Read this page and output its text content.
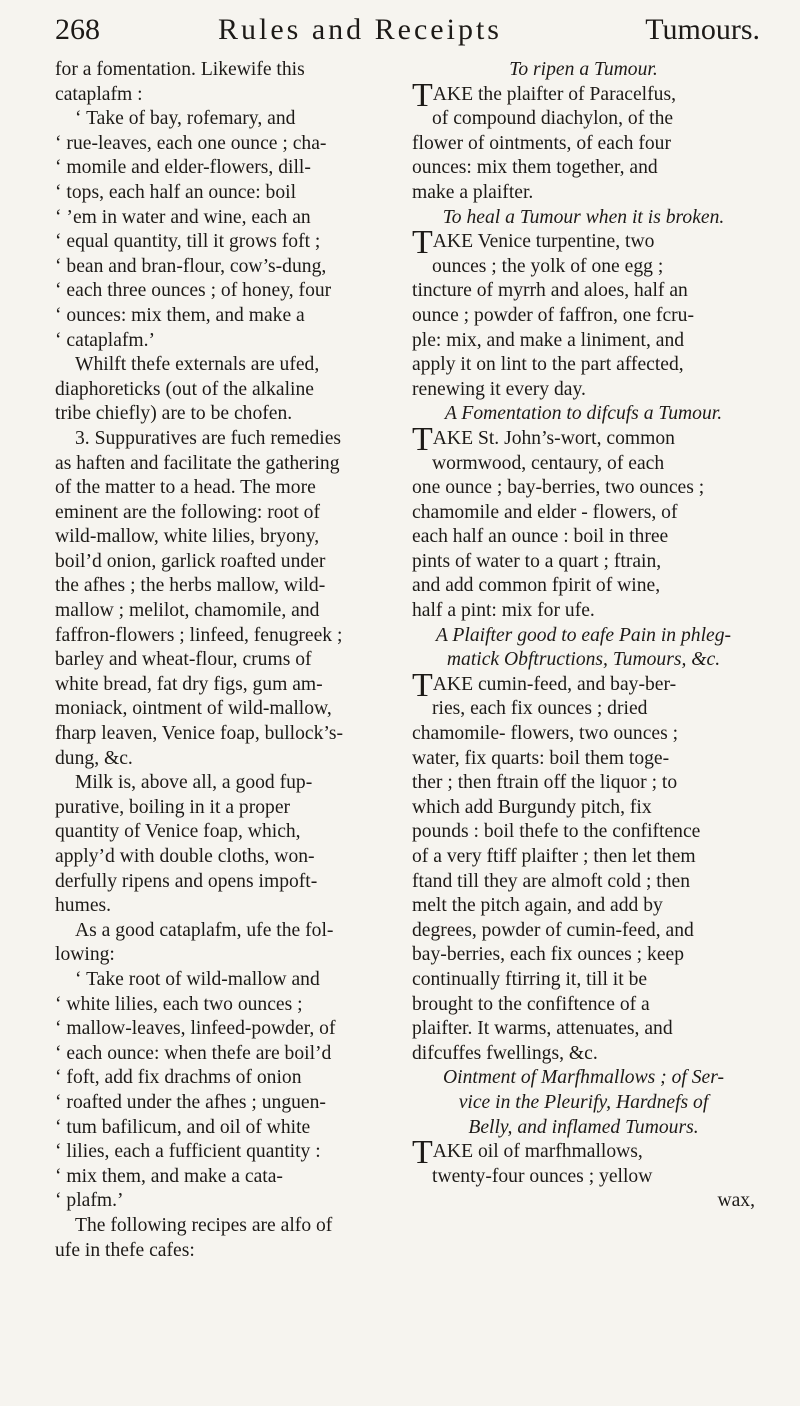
268	Rules and Receipts	Tumours.
for a fomentation. Likewife this
cataplafm :
‘ Take of bay, rofemary, and
‘ rue-leaves, each one ounce ; cha-
‘ momile and elder-flowers, dill-
‘ tops, each half an ounce: boil
‘ ’em in water and wine, each an
‘ equal quantity, till it grows foft ;
‘ bean and bran-flour, cow’s-dung,
‘ each three ounces ; of honey, four
‘ ounces: mix them, and make a
‘ cataplafm.’
Whilft thefe externals are ufed,
diaphoreticks (out of the alkaline
tribe chiefly) are to be chofen.
3. Suppuratives are fuch remedies
as haften and facilitate the gathering
of the matter to a head. The more
eminent are the following: root of
wild-mallow, white lilies, bryony,
boil’d onion, garlick roafted under
the afhes ; the herbs mallow, wild-
mallow ; melilot, chamomile, and
faffron-flowers ; linfeed, fenugreek ;
barley and wheat-flour, crums of
white bread, fat dry figs, gum am-
moniack, ointment of wild-mallow,
fharp leaven, Venice foap, bullock’s-
dung, &c.
Milk is, above all, a good fup-
purative, boiling in it a proper
quantity of Venice foap, which,
apply’d with double cloths, won-
derfully ripens and opens impoft-
humes.
As a good cataplafm, ufe the fol-
lowing:
‘ Take root of wild-mallow and
‘ white lilies, each two ounces ;
‘ mallow-leaves, linfeed-powder, of
‘ each ounce: when thefe are boil’d
‘ foft, add fix drachms of onion
‘ roafted under the afhes ; unguen-
‘ tum bafilicum, and oil of white
‘ lilies, each a fufficient quantity :
‘ mix them, and make a cata-
‘ plafm.’
The following recipes are alfo of
ufe in thefe cafes:
To ripen a Tumour.
TAKE the plaifter of Paracelfus,
of compound diachylon, of the
flower of ointments, of each four
ounces: mix them together, and
make a plaifter.
To heal a Tumour when it is broken.
TAKE Venice turpentine, two
ounces ; the yolk of one egg ;
tincture of myrrh and aloes, half an
ounce ; powder of faffron, one fcru-
ple: mix, and make a liniment, and
apply it on lint to the part affected,
renewing it every day.
A Fomentation to difcufs a Tumour.
TAKE St. John’s-wort, common
wormwood, centaury, of each
one ounce ; bay-berries, two ounces ;
chamomile and elder - flowers, of
each half an ounce : boil in three
pints of water to a quart ; ftrain,
and add common fpirit of wine,
half a pint: mix for ufe.
A Plaifter good to eafe Pain in phleg-
matick Obftructions, Tumours, &c.
TAKE cumin-feed, and bay-ber-
ries, each fix ounces ; dried
chamomile- flowers, two ounces ;
water, fix quarts: boil them toge-
ther ; then ftrain off the liquor ; to
which add Burgundy pitch, fix
pounds : boil thefe to the confiftence
of a very ftiff plaifter ; then let them
ftand till they are almoft cold ; then
melt the pitch again, and add by
degrees, powder of cumin-feed, and
bay-berries, each fix ounces ; keep
continually ftirring it, till it be
brought to the confiftence of a
plaifter. It warms, attenuates, and
difcuffes fwellings, &c.
Ointment of Marfhmallows ; of Ser-
vice in the Pleurify, Hardnefs of
Belly, and inflamed Tumours.
TAKE oil of marfhmallows,
twenty-four ounces ; yellow
wax,
